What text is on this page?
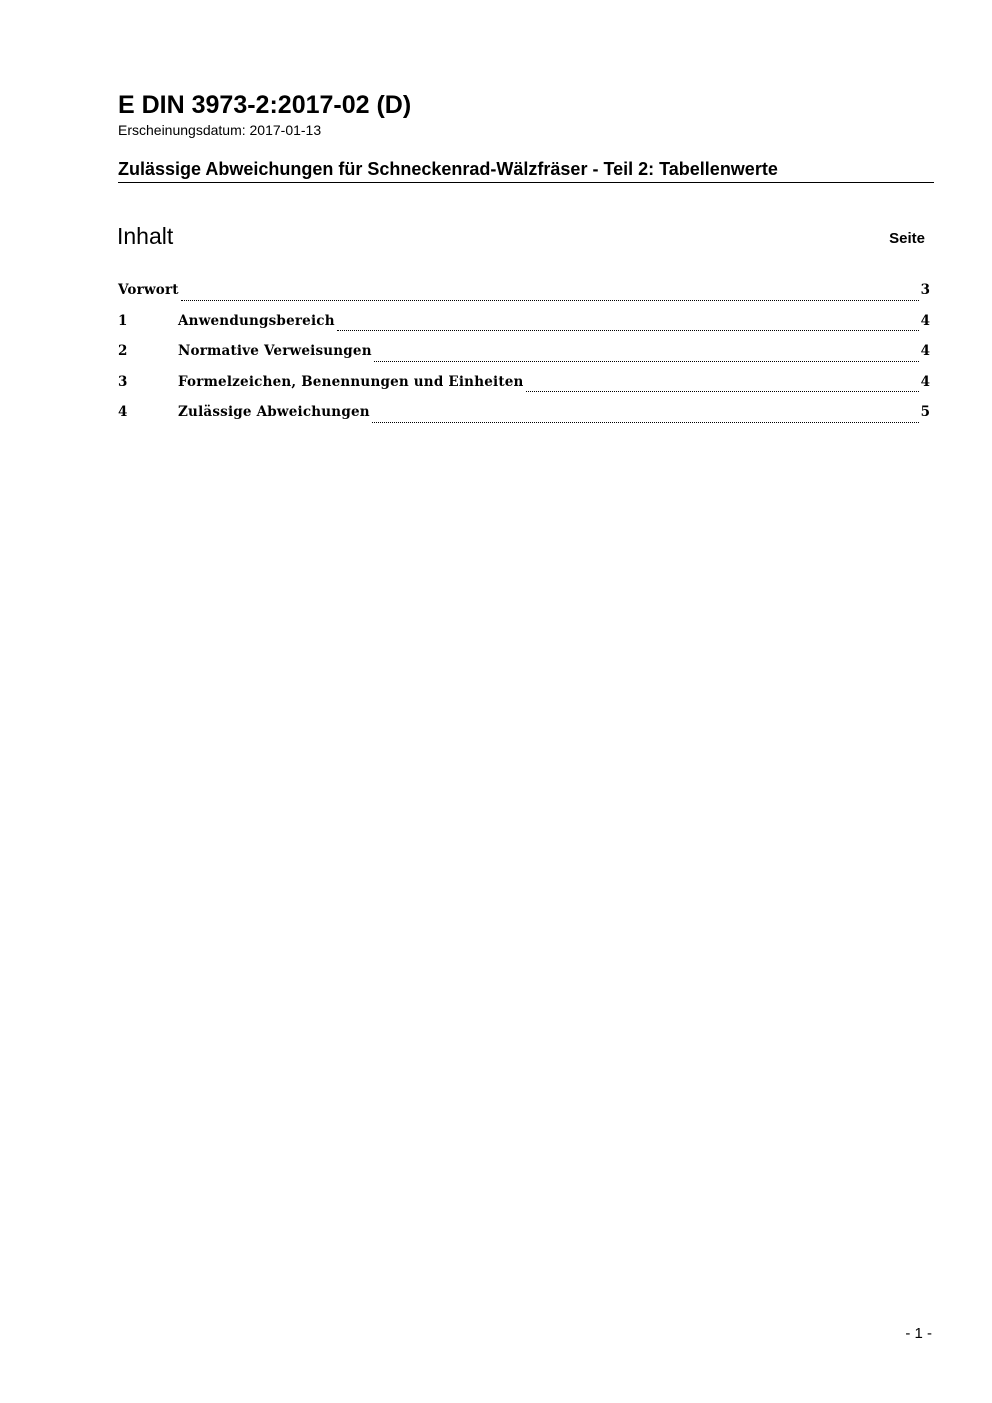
E DIN 3973-2:2017-02 (D)
Erscheinungsdatum: 2017-01-13
Zulässige Abweichungen für Schneckenrad-Wälzfräser - Teil 2: Tabellenwerte
Inhalt	Seite
Vorwort	3
1	Anwendungsbereich	4
2	Normative Verweisungen	4
3	Formelzeichen, Benennungen und Einheiten	4
4	Zulässige Abweichungen	5
- 1 -
